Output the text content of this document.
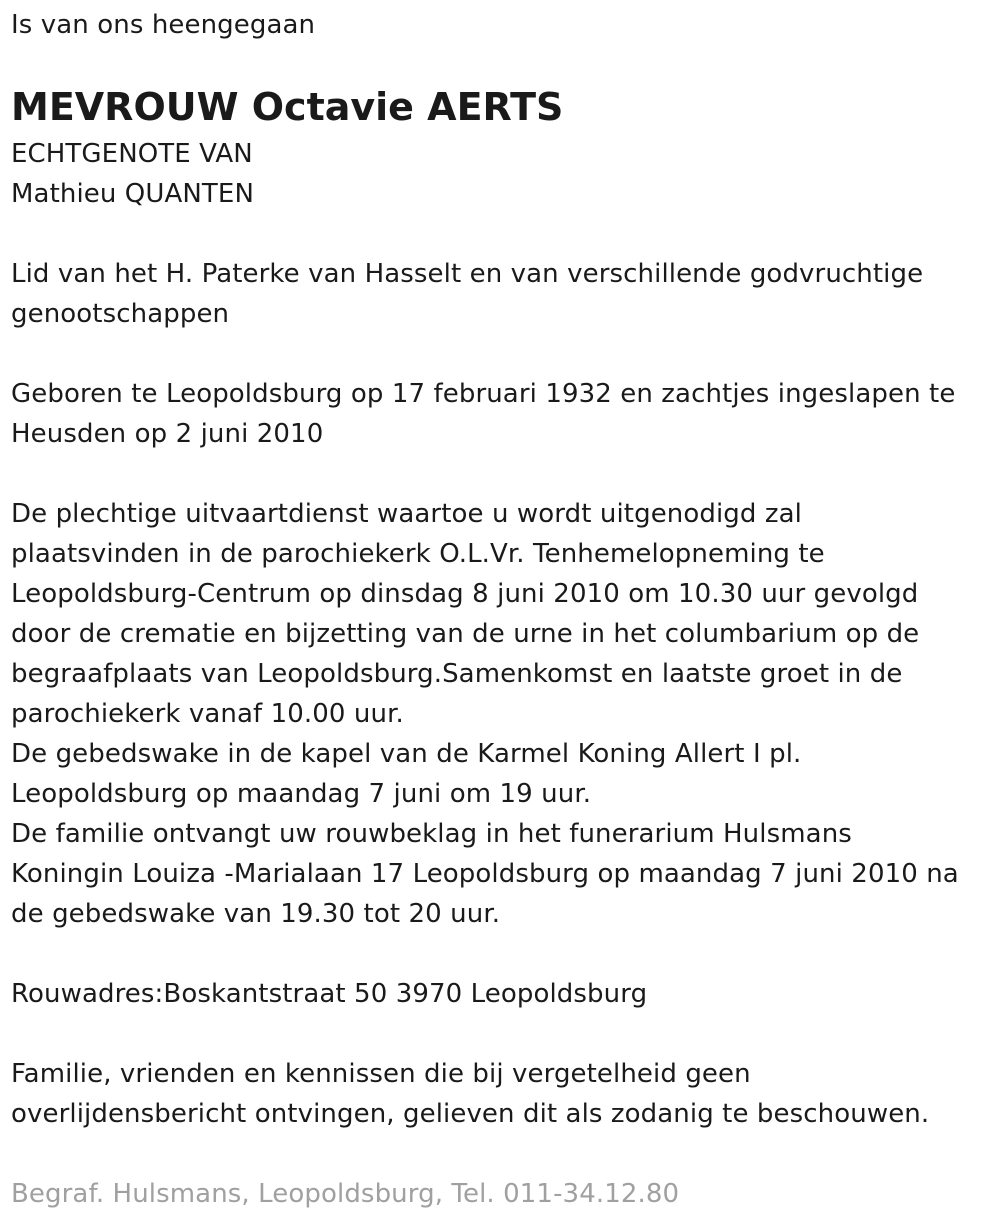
Is van ons heengegaan
MEVROUW Octavie AERTS
ECHTGENOTE VAN
Mathieu QUANTEN
Lid van het H. Paterke van Hasselt en van verschillende godvruchtige
genootschappen
Geboren te Leopoldsburg op 17 februari 1932 en zachtjes ingeslapen te
Heusden op 2 juni 2010
De plechtige uitvaartdienst waartoe u wordt uitgenodigd zal
plaatsvinden in de parochiekerk O.L.Vr. Tenhemelopneming te
Leopoldsburg-Centrum op dinsdag 8 juni 2010 om 10.30 uur gevolgd
door de crematie en bijzetting van de urne in het columbarium op de
begraafplaats van Leopoldsburg.Samenkomst en laatste groet in de
parochiekerk vanaf 10.00 uur.
De gebedswake in de kapel van de Karmel Koning Allert I pl.
Leopoldsburg op maandag 7 juni om 19 uur.
De familie ontvangt uw rouwbeklag in het funerarium Hulsmans
Koningin Louiza -Marialaan 17 Leopoldsburg op maandag 7 juni 2010 na
de gebedswake van 19.30 tot 20 uur.
Rouwadres:Boskantstraat 50 3970 Leopoldsburg
Familie, vrienden en kennissen die bij vergetelheid geen
overlijdensbericht ontvingen, gelieven dit als zodanig te beschouwen.
Begraf. Hulsmans, Leopoldsburg, Tel. 011-34.12.80
